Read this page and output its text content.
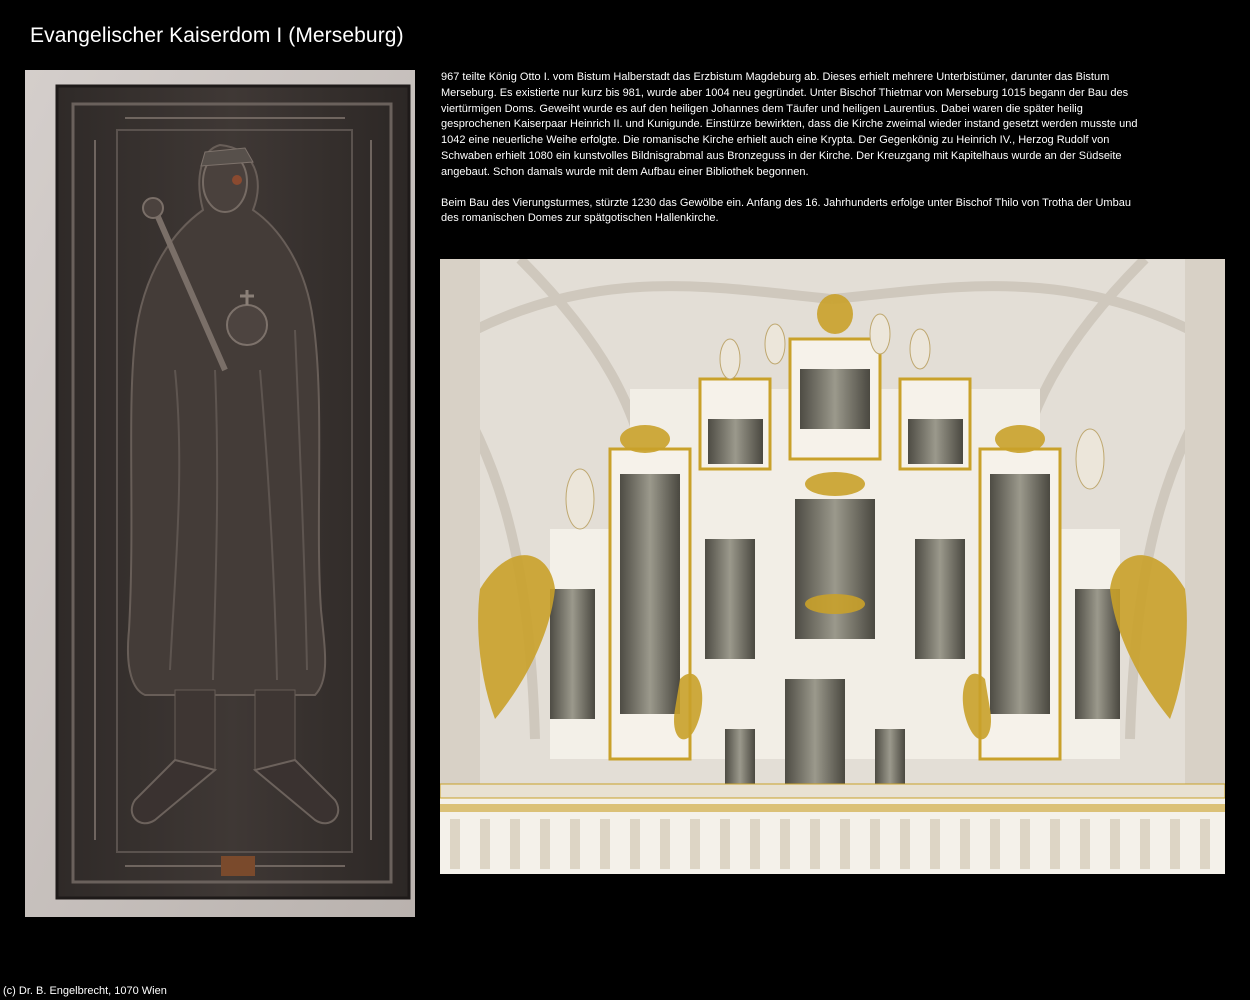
Evangelischer Kaiserdom I (Merseburg)

967 teilte König Otto I. vom Bistum Halberstadt das Erzbistum Magdeburg ab. Dieses erhielt mehrere Unterbistümer, darunter das Bistum Merseburg. Es existierte nur kurz bis 981, wurde aber 1004 neu gegründet. Unter Bischof Thietmar von Merseburg 1015 begann der Bau des viertürmigen Doms. Geweiht wurde es auf den heiligen Johannes dem Täufer und heiligen Laurentius. Dabei waren die später heilig gesprochenen Kaiserpaar Heinrich II. und Kunigunde. Einstürze bewirkten, dass die Kirche zweimal wieder instand gesetzt werden musste und 1042 eine neuerliche Weihe erfolgte. Die romanische Kirche erhielt auch eine Krypta. Der Gegenkönig zu Heinrich IV., Herzog Rudolf von Schwaben erhielt 1080 ein kunstvolles Bildnisgrabmal aus Bronzeguss in der Kirche. Der Kreuzgang mit Kapitelhaus wurde an der Südseite angebaut. Schon damals wurde mit dem Aufbau einer Bibliothek begonnen.

Beim Bau des Vierungsturmes, stürzte 1230 das Gewölbe ein. Anfang des 16. Jahrhunderts erfolge unter Bischof Thilo von Trotha der Umbau des romanischen Domes zur spätgotischen Hallenkirche.

(c) Dr. B. Engelbrecht, 1070 Wien
